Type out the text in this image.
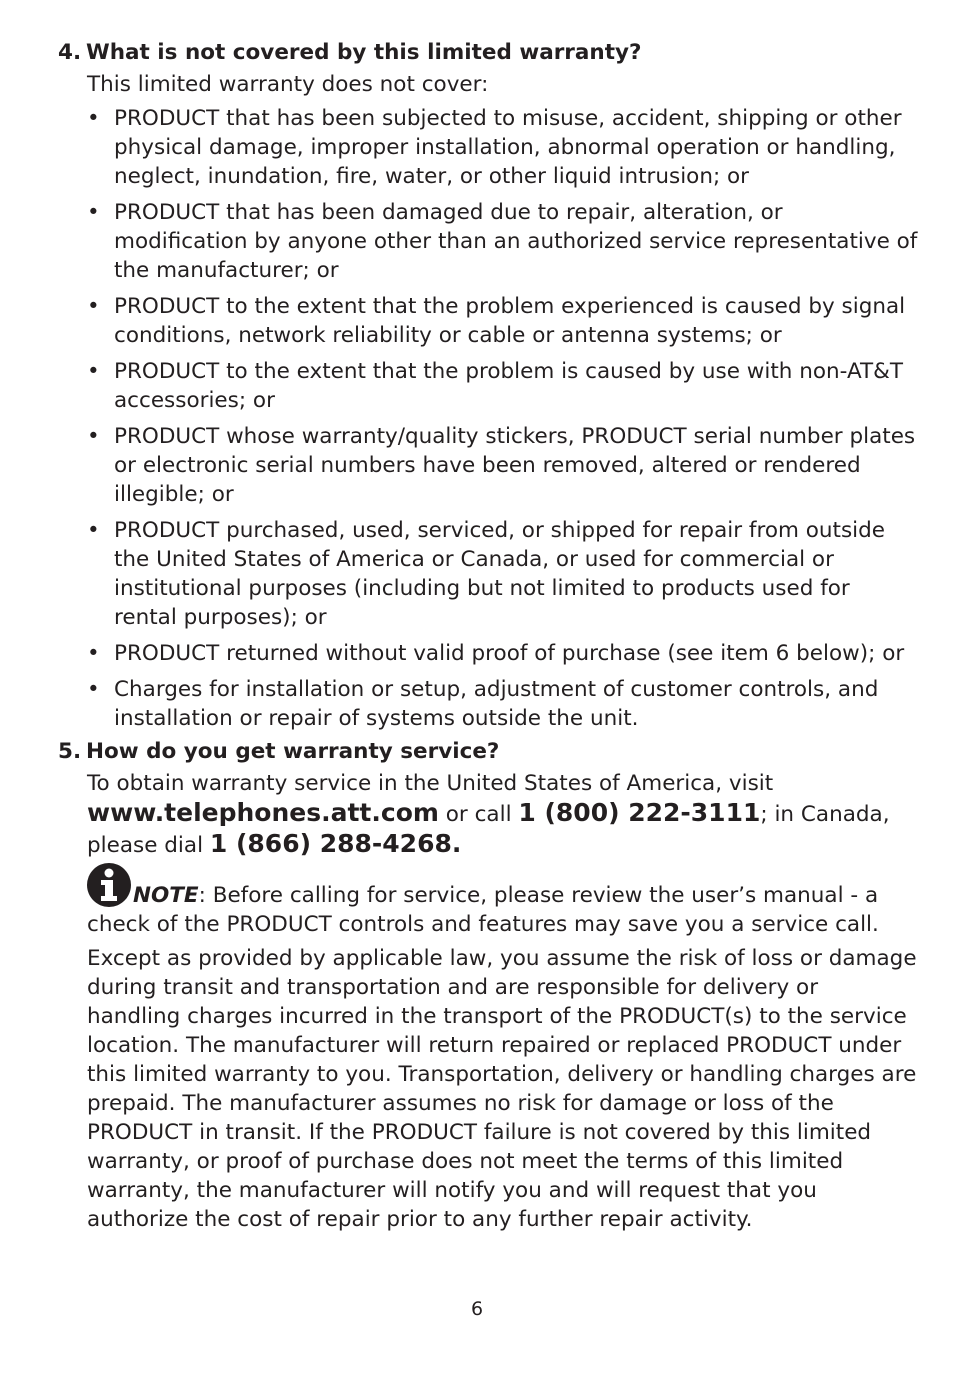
4. What is not covered by this limited warranty?

This limited warranty does not cover:
• PRODUCT that has been subjected to misuse, accident, shipping or other physical damage, improper installation, abnormal operation or handling, neglect, inundation, fire, water, or other liquid intrusion; or
• PRODUCT that has been damaged due to repair, alteration, or modification by anyone other than an authorized service representative of the manufacturer; or
• PRODUCT to the extent that the problem experienced is caused by signal conditions, network reliability or cable or antenna systems; or
• PRODUCT to the extent that the problem is caused by use with non-AT&T accessories; or
• PRODUCT whose warranty/quality stickers, PRODUCT serial number plates or electronic serial numbers have been removed, altered or rendered illegible; or
• PRODUCT purchased, used, serviced, or shipped for repair from outside the United States of America or Canada, or used for commercial or institutional purposes (including but not limited to products used for rental purposes); or
• PRODUCT returned without valid proof of purchase (see item 6 below); or
• Charges for installation or setup, adjustment of customer controls, and installation or repair of systems outside the unit.

5. How do you get warranty service?

To obtain warranty service in the United States of America, visit
www.telephones.att.com or call 1 (800) 222-3111; in Canada, please dial 1 (866) 288-4268.
NOTE: Before calling for service, please review the user’s manual - a check of the PRODUCT controls and features may save you a service call.
Except as provided by applicable law, you assume the risk of loss or damage during transit and transportation and are responsible for delivery or handling charges incurred in the transport of the PRODUCT(s) to the service location. The manufacturer will return repaired or replaced PRODUCT under this limited warranty to you. Transportation, delivery or handling charges are prepaid. The manufacturer assumes no risk for damage or loss of the PRODUCT in transit. If the PRODUCT failure is not covered by this limited warranty, or proof of purchase does not meet the terms of this limited warranty, the manufacturer will notify you and will request that you authorize the cost of repair prior to any further repair activity.
6
